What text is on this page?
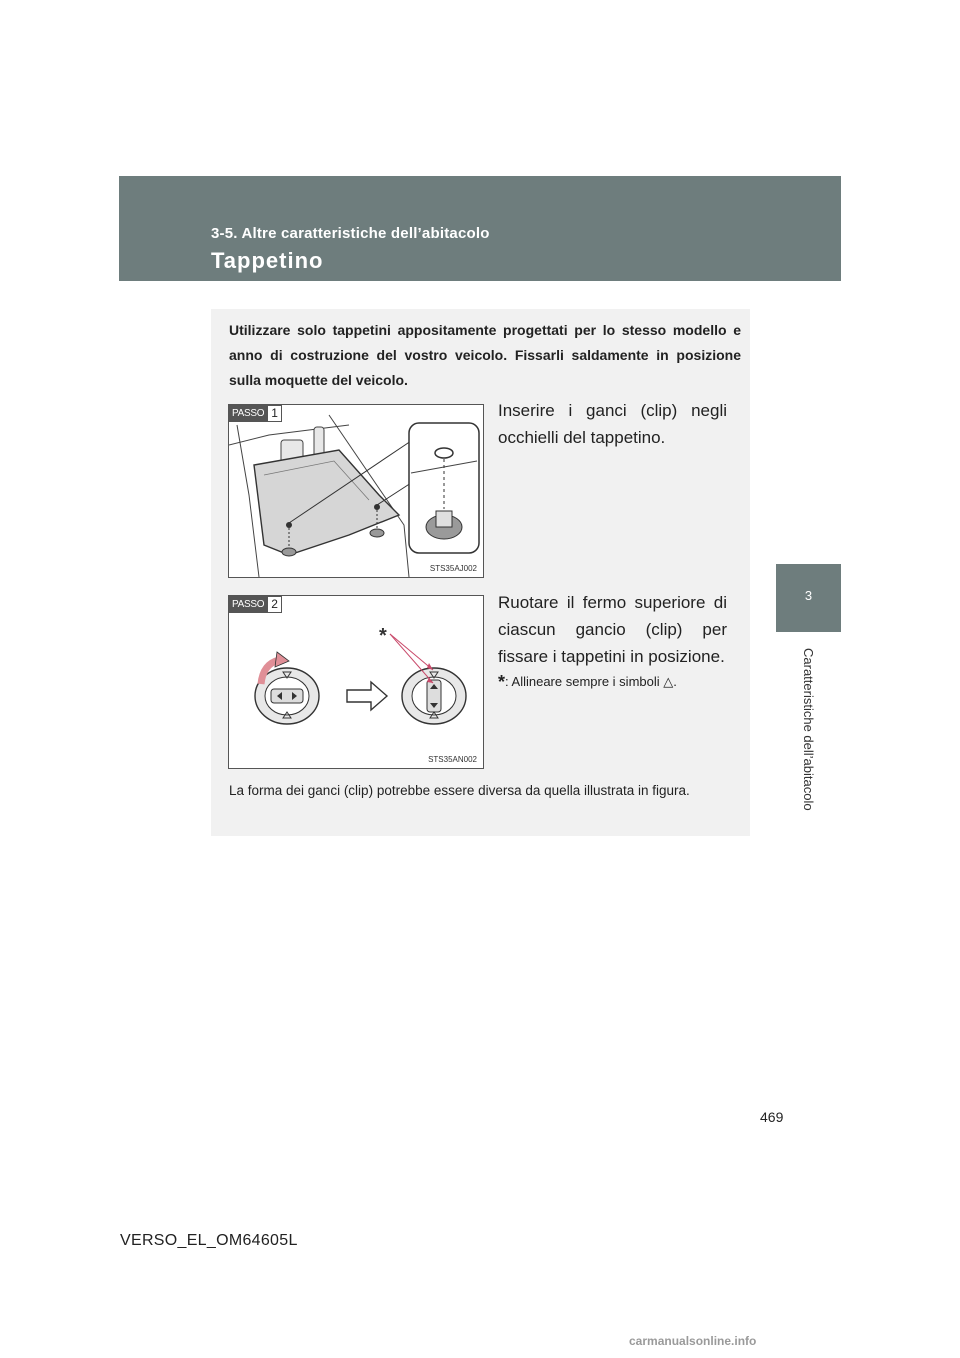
3-5. Altre caratteristiche dell’abitacolo
Tappetino
3
Caratteristiche dell’abitacolo
Utilizzare solo tappetini appositamente progettati per lo stesso modello e anno di costruzione del vostro veicolo. Fissarli saldamente in posizione sulla moquette del veicolo.
PASSO 1
STS35AJ002
Inserire i ganci (clip) negli occhielli del tappetino.
*
PASSO 2
STS35AN002
Ruotare il fermo superiore di ciascun gancio (clip) per fissare i tappetini in posizione.
*: Allineare sempre i simboli △.
La forma dei ganci (clip) potrebbe essere diversa da quella illustrata in figura.
469
VERSO_EL_OM64605L
carmanualsonline.info
